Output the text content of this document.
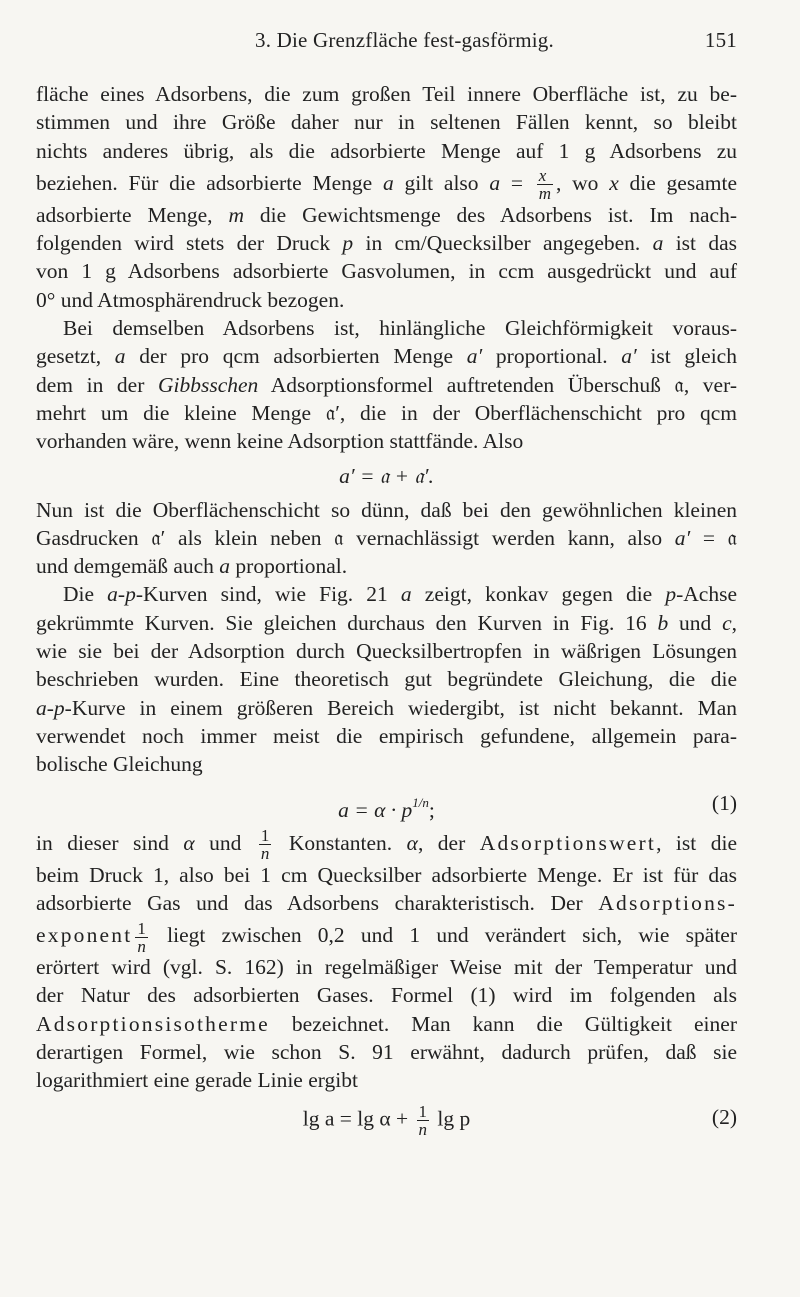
3. Die Grenzfläche fest-gasförmig.	151
fläche eines Adsorbens, die zum großen Teil innere Oberfläche ist, zu be-
stimmen und ihre Größe daher nur in seltenen Fällen kennt, so bleibt
nichts anderes übrig, als die adsorbierte Menge auf 1 g Adsorbens zu
beziehen. Für die adsorbierte Menge a gilt also $a = \frac{x}{m}$ , wo x die gesamte
adsorbierte Menge, m die Gewichtsmenge des Adsorbens ist. Im nach-
folgenden wird stets der Druck p in cm/Quecksilber angegeben. a ist das
von 1 g Adsorbens adsorbierte Gasvolumen, in ccm ausgedrückt und auf
0° und Atmosphärendruck bezogen.
Bei demselben Adsorbens ist, hinlängliche Gleichförmigkeit voraus-
gesetzt, a der pro qcm adsorbierten Menge a′ proportional. a′ ist gleich
dem in der Gibbsschen Adsorptionsformel auftretenden Überschuß 𝔞, ver-
mehrt um die kleine Menge 𝔞′, die in der Oberflächenschicht pro qcm
vorhanden wäre, wenn keine Adsorption stattfände. Also
a′ = 𝔞 + 𝔞′.
Nun ist die Oberflächenschicht so dünn, daß bei den gewöhnlichen kleinen
Gasdrucken 𝔞′ als klein neben 𝔞 vernachlässigt werden kann, also a′ = 𝔞
und demgemäß auch a proportional.
Die a-p-Kurven sind, wie Fig. 21 a zeigt, konkav gegen die p-Achse
gekrümmte Kurven. Sie gleichen durchaus den Kurven in Fig. 16 b und c,
wie sie bei der Adsorption durch Quecksilbertropfen in wäßrigen Lösungen
beschrieben wurden. Eine theoretisch gut begründete Gleichung, die die
a-p-Kurve in einem größeren Bereich wiedergibt, ist nicht bekannt. Man
verwendet noch immer meist die empirisch gefundene, allgemein para-
bolische Gleichung
$a = \alpha \cdot p^{1/n}$;	(1)
in dieser sind α und $\frac{1}{n}$ Konstanten. α, der Adsorptionswert, ist die
beim Druck 1, also bei 1 cm Quecksilber adsorbierte Menge. Er ist für das
adsorbierte Gas und das Adsorbens charakteristisch. Der Adsorptions-
exponent $\frac{1}{n}$ liegt zwischen 0,2 und 1 und verändert sich, wie später
erörtert wird (vgl. S. 162) in regelmäßiger Weise mit der Temperatur und
der Natur des adsorbierten Gases. Formel (1) wird im folgenden als
Adsorptionsisotherme bezeichnet. Man kann die Gültigkeit einer
derartigen Formel, wie schon S. 91 erwähnt, dadurch prüfen, daß sie
logarithmiert eine gerade Linie ergibt
$\lg a = \lg \alpha + \frac{1}{n}$ lg p	(2)
